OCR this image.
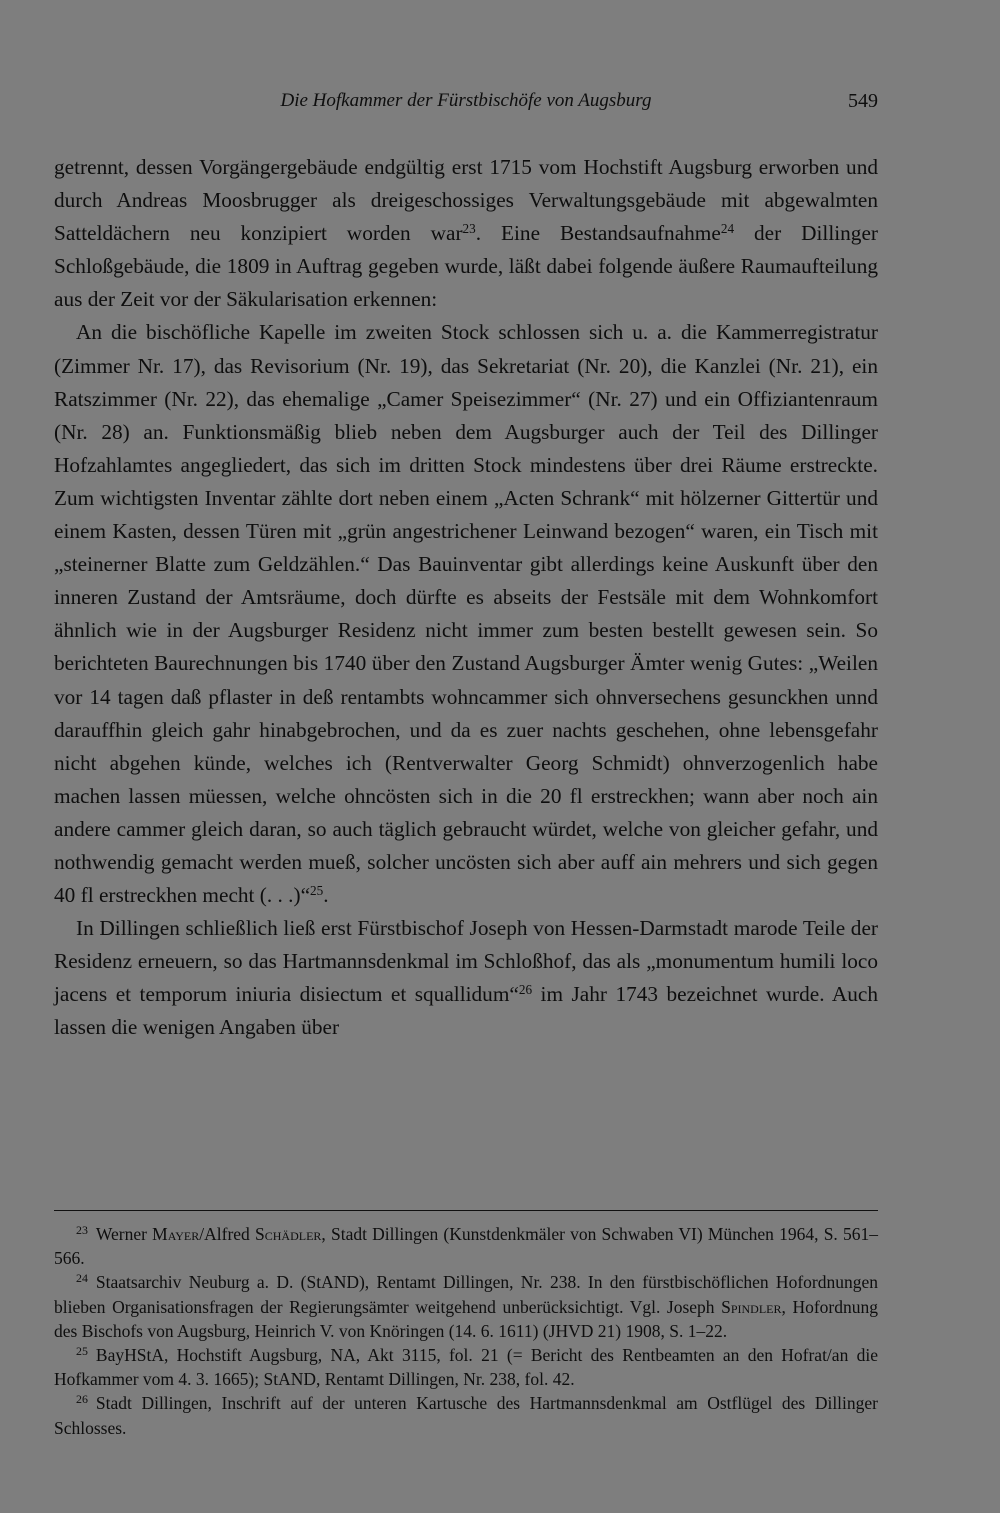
Die Hofkammer der Fürstbischöfe von Augsburg	549

getrennt, dessen Vorgängergebäude endgültig erst 1715 vom Hochstift Augsburg erworben und durch Andreas Moosbrugger als dreigeschossiges Verwaltungsgebäude mit abgewalmten Satteldächern neu konzipiert worden war$^{23}$. Eine Bestandsaufnahme$^{24}$ der Dillinger Schloßgebäude, die 1809 in Auftrag gegeben wurde, läßt dabei folgende äußere Raumaufteilung aus der Zeit vor der Säkularisation erkennen:

An die bischöfliche Kapelle im zweiten Stock schlossen sich u. a. die Kammerregistratur (Zimmer Nr. 17), das Revisorium (Nr. 19), das Sekretariat (Nr. 20), die Kanzlei (Nr. 21), ein Ratszimmer (Nr. 22), das ehemalige „Camer Speisezimmer“ (Nr. 27) und ein Offiziantenraum (Nr. 28) an. Funktionsmäßig blieb neben dem Augsburger auch der Teil des Dillinger Hofzahlamtes angegliedert, das sich im dritten Stock mindestens über drei Räume erstreckte. Zum wichtigsten Inventar zählte dort neben einem „Acten Schrank“ mit hölzerner Gittertür und einem Kasten, dessen Türen mit „grün angestrichener Leinwand bezogen“ waren, ein Tisch mit „steinerner Blatte zum Geldzählen.“ Das Bauinventar gibt allerdings keine Auskunft über den inneren Zustand der Amtsräume, doch dürfte es abseits der Festsäle mit dem Wohnkomfort ähnlich wie in der Augsburger Residenz nicht immer zum besten bestellt gewesen sein. So berichteten Baurechnungen bis 1740 über den Zustand Augsburger Ämter wenig Gutes: „Weilen vor 14 tagen daß pflaster in deß rentambts wohncammer sich ohnversechens gesunckhen unnd darauffhin gleich gahr hinabgebrochen, und da es zuer nachts geschehen, ohne lebensgefahr nicht abgehen künde, welches ich (Rentverwalter Georg Schmidt) ohnverzogenlich habe machen lassen müessen, welche ohncösten sich in die 20 fl erstreckhen; wann aber noch ain andere cammer gleich daran, so auch täglich gebraucht würdet, welche von gleicher gefahr, und nothwendig gemacht werden mueß, solcher uncösten sich aber auff ain mehrers und sich gegen 40 fl erstreckhen mecht (. . .)“$^{25}$.

In Dillingen schließlich ließ erst Fürstbischof Joseph von Hessen-Darmstadt marode Teile der Residenz erneuern, so das Hartmannsdenkmal im Schloßhof, das als „monumentum humili loco jacens et temporum iniuria disiectum et squallidum“$^{26}$ im Jahr 1743 bezeichnet wurde. Auch lassen die wenigen Angaben über

$^{23}$ Werner Mayer/Alfred Schädler, Stadt Dillingen (Kunstdenkmäler von Schwaben VI) München 1964, S. 561–566.

$^{24}$ Staatsarchiv Neuburg a. D. (StAND), Rentamt Dillingen, Nr. 238. In den fürstbischöflichen Hofordnungen blieben Organisationsfragen der Regierungsämter weitgehend unberücksichtigt. Vgl. Joseph Spindler, Hofordnung des Bischofs von Augsburg, Heinrich V. von Knöringen (14. 6. 1611) (JHVD 21) 1908, S. 1–22.

$^{25}$ BayHStA, Hochstift Augsburg, NA, Akt 3115, fol. 21 (= Bericht des Rentbeamten an den Hofrat/an die Hofkammer vom 4. 3. 1665); StAND, Rentamt Dillingen, Nr. 238, fol. 42.

$^{26}$ Stadt Dillingen, Inschrift auf der unteren Kartusche des Hartmannsdenkmal am Ostflügel des Dillinger Schlosses.
